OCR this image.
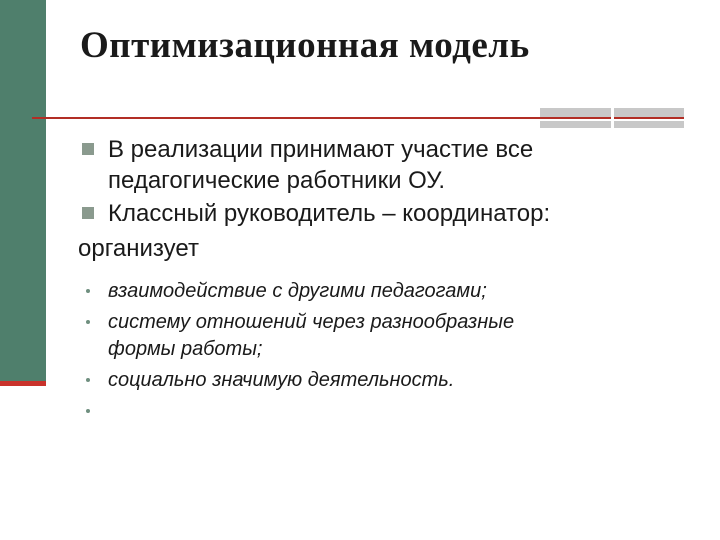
Оптимизационная модель
В реализации принимают участие все
педагогические работники ОУ.
Классный руководитель – координатор:
организует
взаимодействие с другими педагогами;
систему отношений через разнообразные
формы работы;
социально значимую деятельность.
